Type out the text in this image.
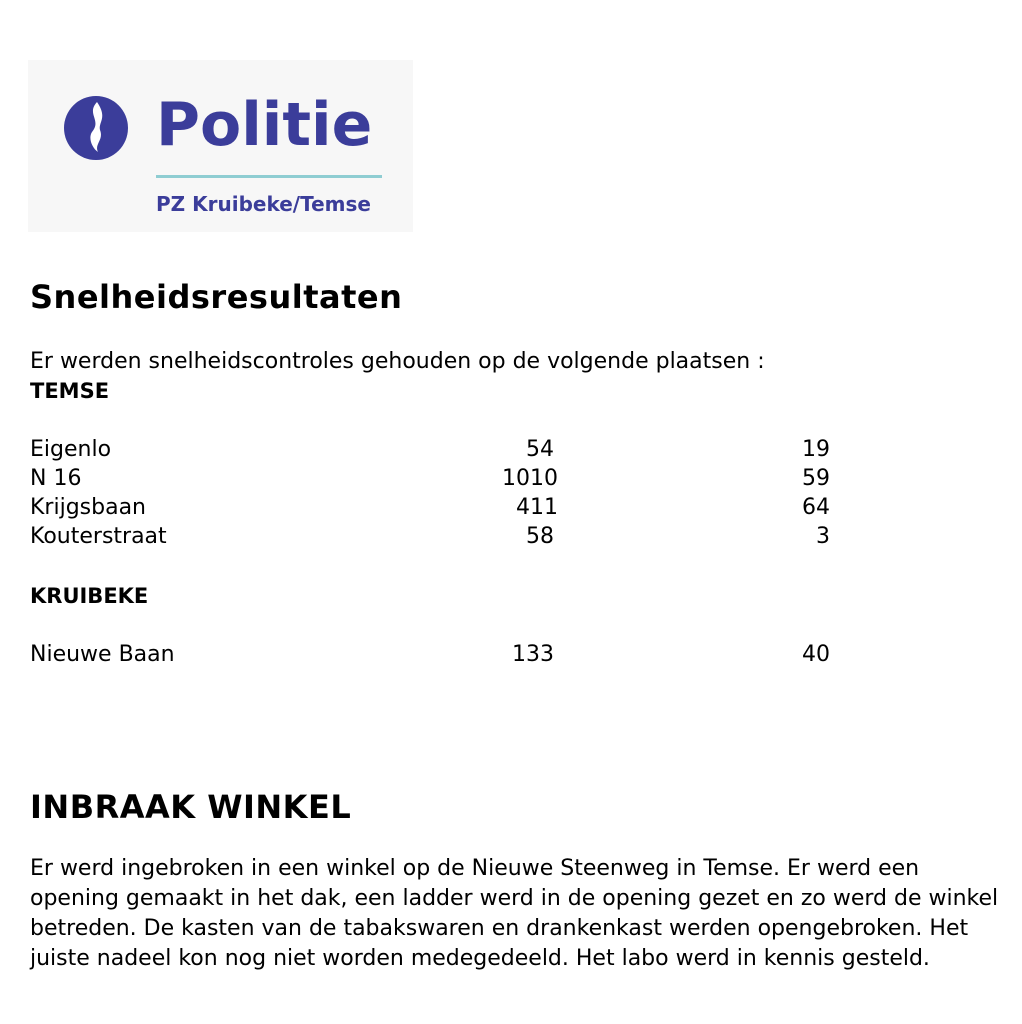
Politie
PZ Kruibeke/Temse
Snelheidsresultaten
Er werden snelheidscontroles gehouden op de volgende plaatsen :
TEMSE
Eigenlo	54	19
N 16	1010	59
Krijgsbaan	411	64
Kouterstraat	58	3
KRUIBEKE
Nieuwe Baan	133	40
INBRAAK WINKEL
Er werd ingebroken in een winkel op de Nieuwe Steenweg in Temse. Er werd een opening gemaakt in het dak, een ladder werd in de opening gezet en zo werd de winkel betreden. De kasten van de tabakswaren en drankenkast werden opengebroken. Het juiste nadeel kon nog niet worden medegedeeld. Het labo werd in kennis gesteld.
